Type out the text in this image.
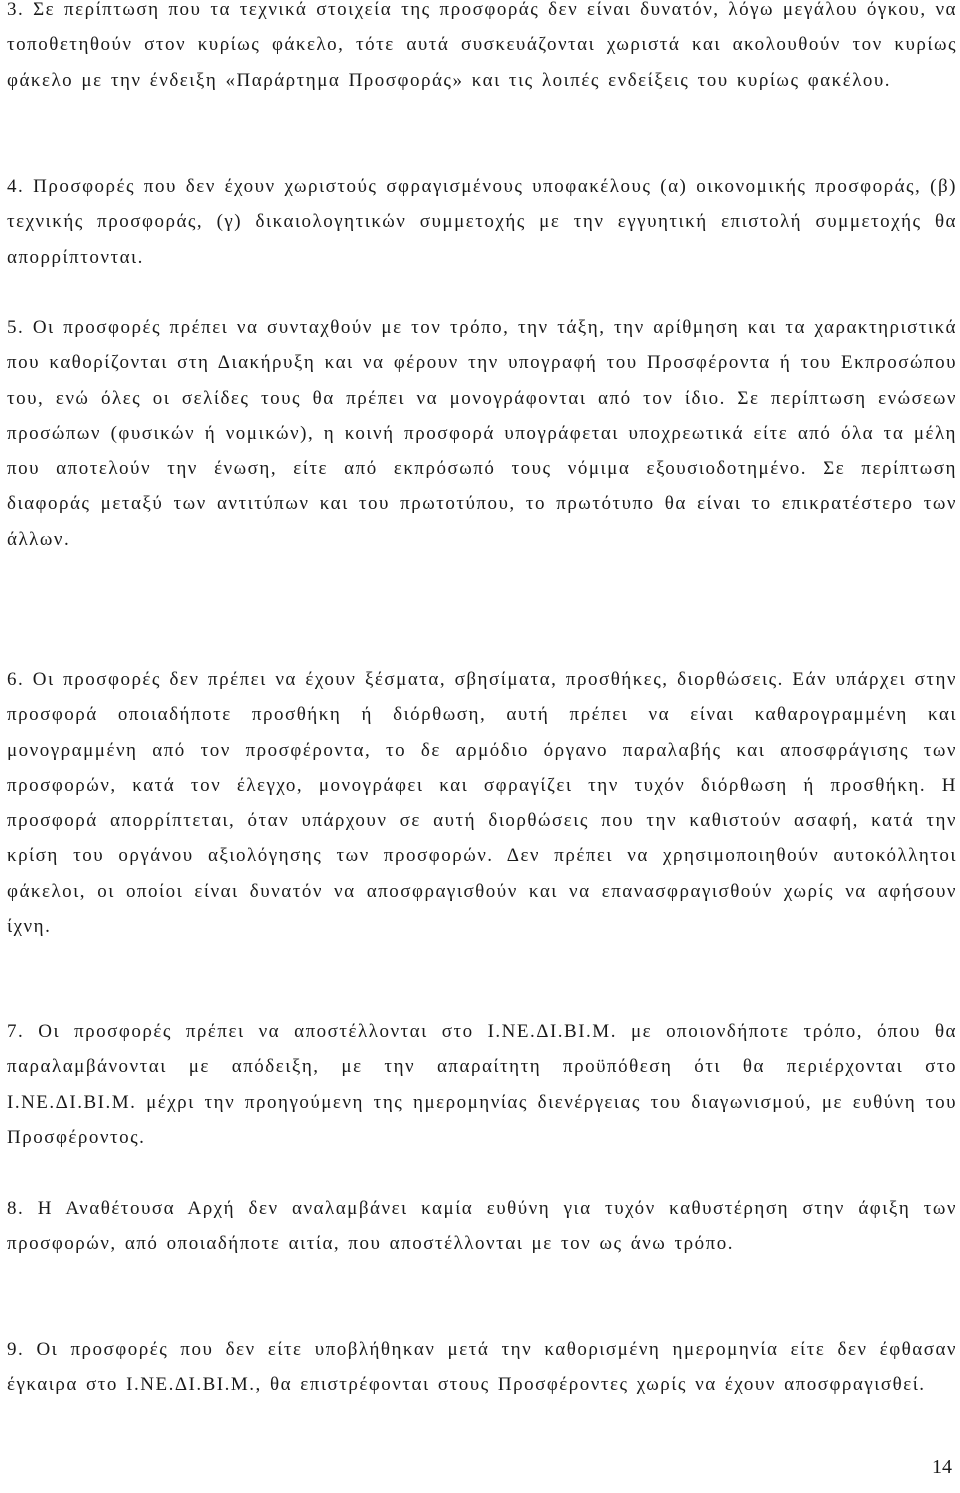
3. Σε περίπτωση που τα τεχνικά στοιχεία της προσφοράς δεν είναι δυνατόν, λόγω μεγάλου όγκου, να τοποθετηθούν στον κυρίως φάκελο, τότε αυτά συσκευάζονται χωριστά και ακολουθούν τον κυρίως φάκελο με την ένδειξη «Παράρτημα Προσφοράς» και τις λοιπές ενδείξεις του κυρίως φακέλου.

4. Προσφορές που δεν έχουν χωριστούς σφραγισμένους υποφακέλους (α) οικονομικής προσφοράς, (β) τεχνικής προσφοράς, (γ) δικαιολογητικών συμμετοχής με την εγγυητική επιστολή συμμετοχής θα απορρίπτονται.

5. Οι προσφορές πρέπει να συνταχθούν με τον τρόπο, την τάξη, την αρίθμηση και τα χαρακτηριστικά που καθορίζονται στη Διακήρυξη και να φέρουν την υπογραφή του Προσφέροντα ή του Εκπροσώπου του, ενώ όλες οι σελίδες τους θα πρέπει να μονογράφονται από τον ίδιο. Σε περίπτωση ενώσεων προσώπων (φυσικών ή νομικών), η κοινή προσφορά υπογράφεται υποχρεωτικά είτε από όλα τα μέλη που αποτελούν την ένωση, είτε από εκπρόσωπό τους νόμιμα εξουσιοδοτημένο. Σε περίπτωση διαφοράς μεταξύ των αντιτύπων και του πρωτοτύπου, το πρωτότυπο θα είναι το επικρατέστερο των άλλων.

6. Οι προσφορές δεν πρέπει να έχουν ξέσματα, σβησίματα, προσθήκες, διορθώσεις. Εάν υπάρχει στην προσφορά οποιαδήποτε προσθήκη ή διόρθωση, αυτή πρέπει να είναι καθαρογραμμένη και μονογραμμένη από τον προσφέροντα, το δε αρμόδιο όργανο παραλαβής και αποσφράγισης των προσφορών, κατά τον έλεγχο, μονογράφει και σφραγίζει την τυχόν διόρθωση ή προσθήκη. Η προσφορά απορρίπτεται, όταν υπάρχουν σε αυτή διορθώσεις που την καθιστούν ασαφή, κατά την κρίση του οργάνου αξιολόγησης των προσφορών. Δεν πρέπει να χρησιμοποιηθούν αυτοκόλλητοι φάκελοι, οι οποίοι είναι δυνατόν να αποσφραγισθούν και να επανασφραγισθούν χωρίς να αφήσουν ίχνη.

7. Οι προσφορές πρέπει να αποστέλλονται στο Ι.ΝΕ.ΔΙ.ΒΙ.Μ. με οποιονδήποτε τρόπο, όπου θα παραλαμβάνονται με απόδειξη, με την απαραίτητη προϋπόθεση ότι θα περιέρχονται στο Ι.ΝΕ.ΔΙ.ΒΙ.Μ. μέχρι την προηγούμενη της ημερομηνίας διενέργειας του διαγωνισμού, με ευθύνη του Προσφέροντος.

8. Η Αναθέτουσα Αρχή δεν αναλαμβάνει καμία ευθύνη για τυχόν καθυστέρηση στην άφιξη των προσφορών, από οποιαδήποτε αιτία, που αποστέλλονται με τον ως άνω τρόπο.

9. Οι προσφορές που δεν είτε υποβλήθηκαν μετά την καθορισμένη ημερομηνία είτε δεν έφθασαν έγκαιρα στο Ι.ΝΕ.ΔΙ.ΒΙ.Μ., θα επιστρέφονται στους Προσφέροντες χωρίς να έχουν αποσφραγισθεί.

14
